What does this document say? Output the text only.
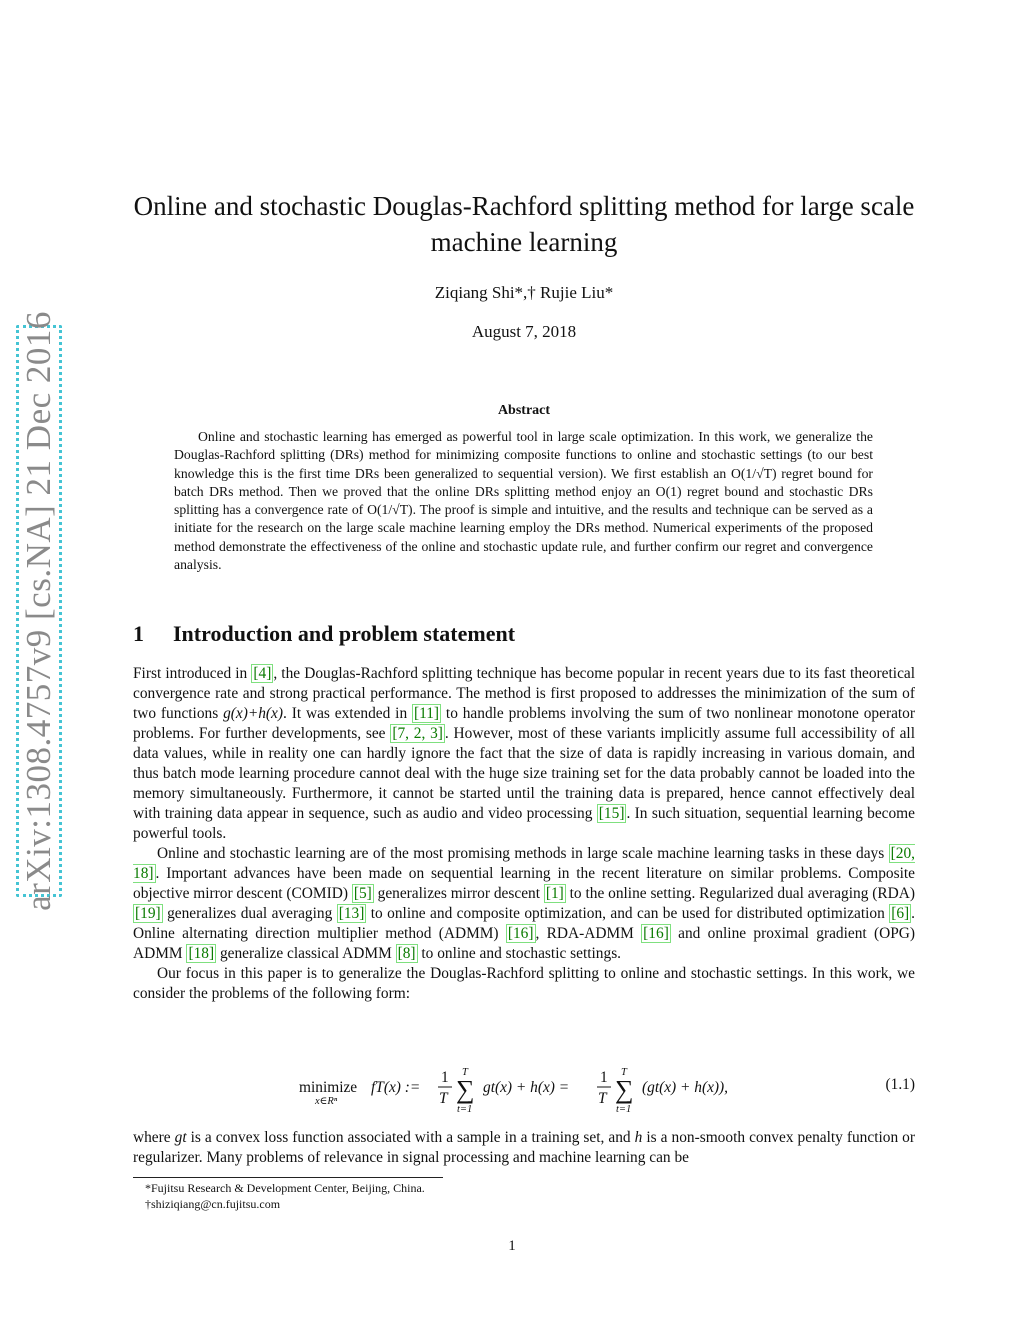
arXiv:1308.4757v9 [cs.NA] 21 Dec 2016
Online and stochastic Douglas-Rachford splitting method for large scale machine learning
Ziqiang Shi*,† Rujie Liu*
August 7, 2018
Abstract
Online and stochastic learning has emerged as powerful tool in large scale optimization. In this work, we generalize the Douglas-Rachford splitting (DRs) method for minimizing composite functions to online and stochastic settings (to our best knowledge this is the first time DRs been generalized to sequential version). We first establish an O(1/√T) regret bound for batch DRs method. Then we proved that the online DRs splitting method enjoy an O(1) regret bound and stochastic DRs splitting has a convergence rate of O(1/√T). The proof is simple and intuitive, and the results and technique can be served as a initiate for the research on the large scale machine learning employ the DRs method. Numerical experiments of the proposed method demonstrate the effectiveness of the online and stochastic update rule, and further confirm our regret and convergence analysis.
1 Introduction and problem statement

First introduced in [4] , the Douglas-Rachford splitting technique has become popular in recent years due to its fast theoretical convergence rate and strong practical performance. The method is first proposed to addresses the minimization of the sum of two functions g(x)+h(x). It was extended in [11] to handle problems involving the sum of two nonlinear monotone operator problems. For further developments, see [7, 2, 3] . However, most of these variants implicitly assume full accessibility of all data values, while in reality one can hardly ignore the fact that the size of data is rapidly increasing in various domain, and thus batch mode learning procedure cannot deal with the huge size training set for the data probably cannot be loaded into the memory simultaneously. Furthermore, it cannot be started until the training data is prepared, hence cannot effectively deal with training data appear in sequence, such as audio and video processing [15] . In such situation, sequential learning become powerful tools.

Online and stochastic learning are of the most promising methods in large scale machine learning tasks in these days [20, 18] . Important advances have been made on sequential learning in the recent literature on similar problems. Composite objective mirror descent (COMID) [5] generalizes mirror descent [1] to the online setting. Regularized dual averaging (RDA) [19] generalizes dual averaging [13] to online and composite optimization, and can be used for distributed optimization [6] . Online alternating direction multiplier method (ADMM) [16] , RDA-ADMM [16] and online proximal gradient (OPG) ADMM [18] generalize classical ADMM [8] to online and stochastic settings.

Our focus in this paper is to generalize the Douglas-Rachford splitting to online and stochastic settings. In this work, we consider the problems of the following form:

minimize
x∈Rⁿ
fT(x) :=
1
T
T
∑
t=1
gt(x) + h(x) =
1
T
T
∑
t=1
(gt(x) + h(x)),	(1.1)

where gt is a convex loss function associated with a sample in a training set, and h is a non-smooth convex penalty function or regularizer. Many problems of relevance in signal processing and machine learning can be

*Fujitsu Research & Development Center, Beijing, China.
†shiziqiang@cn.fujitsu.com
1
